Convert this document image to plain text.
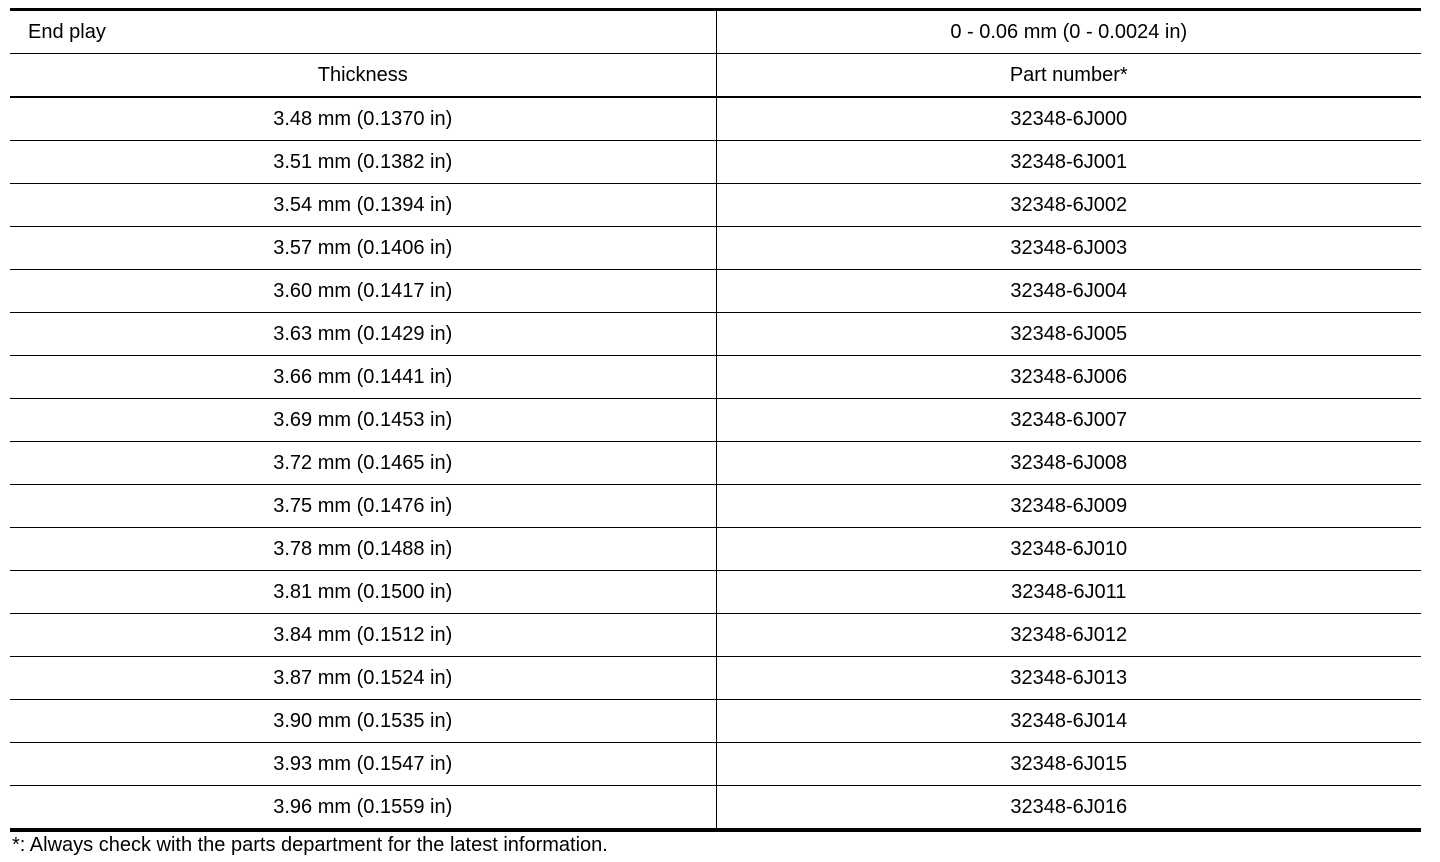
End play	0 - 0.06 mm (0 - 0.0024 in)
Thickness	Part number*
3.48 mm (0.1370 in)	32348-6J000
3.51 mm (0.1382 in)	32348-6J001
3.54 mm (0.1394 in)	32348-6J002
3.57 mm (0.1406 in)	32348-6J003
3.60 mm (0.1417 in)	32348-6J004
3.63 mm (0.1429 in)	32348-6J005
3.66 mm (0.1441 in)	32348-6J006
3.69 mm (0.1453 in)	32348-6J007
3.72 mm (0.1465 in)	32348-6J008
3.75 mm (0.1476 in)	32348-6J009
3.78 mm (0.1488 in)	32348-6J010
3.81 mm (0.1500 in)	32348-6J011
3.84 mm (0.1512 in)	32348-6J012
3.87 mm (0.1524 in)	32348-6J013
3.90 mm (0.1535 in)	32348-6J014
3.93 mm (0.1547 in)	32348-6J015
3.96 mm (0.1559 in)	32348-6J016
*: Always check with the parts department for the latest information.
